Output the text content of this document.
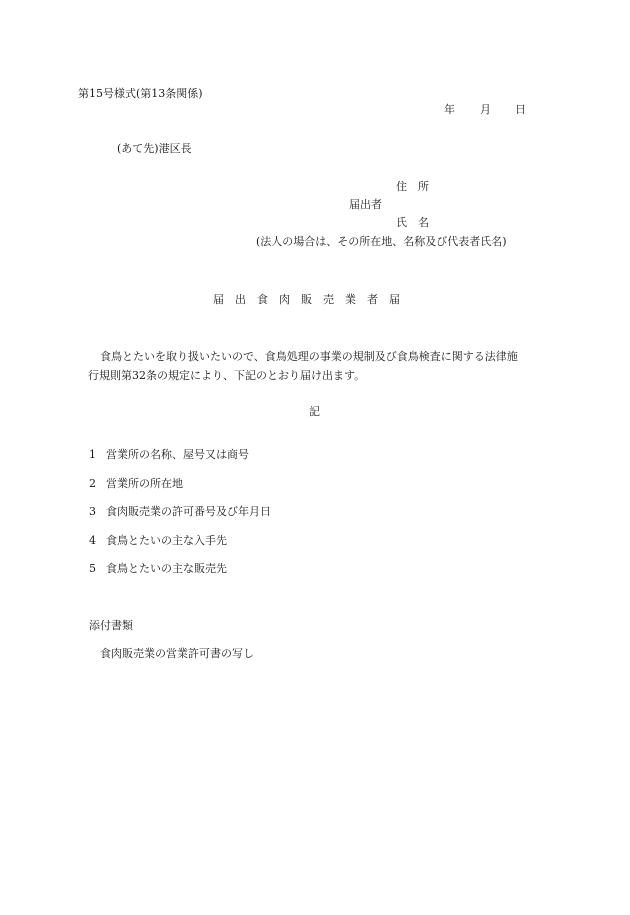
第15号様式(第13条関係)

年 月 日

(あて先)港区長

住　所

届出者

氏　名

(法人の場合は、その所在地、名称及び代表者氏名)

届　出　食　肉　販　売　業　者　届

食鳥とたいを取り扱いたいので、食鳥処理の事業の規制及び食鳥検査に関する法律施

行規則第32条の規定により、下記のとおり届け出ます。

記

1 営業所の名称、屋号又は商号

2 営業所の所在地

3 食肉販売業の許可番号及び年月日

4 食鳥とたいの主な入手先

5 食鳥とたいの主な販売先

添付書類

食肉販売業の営業許可書の写し
